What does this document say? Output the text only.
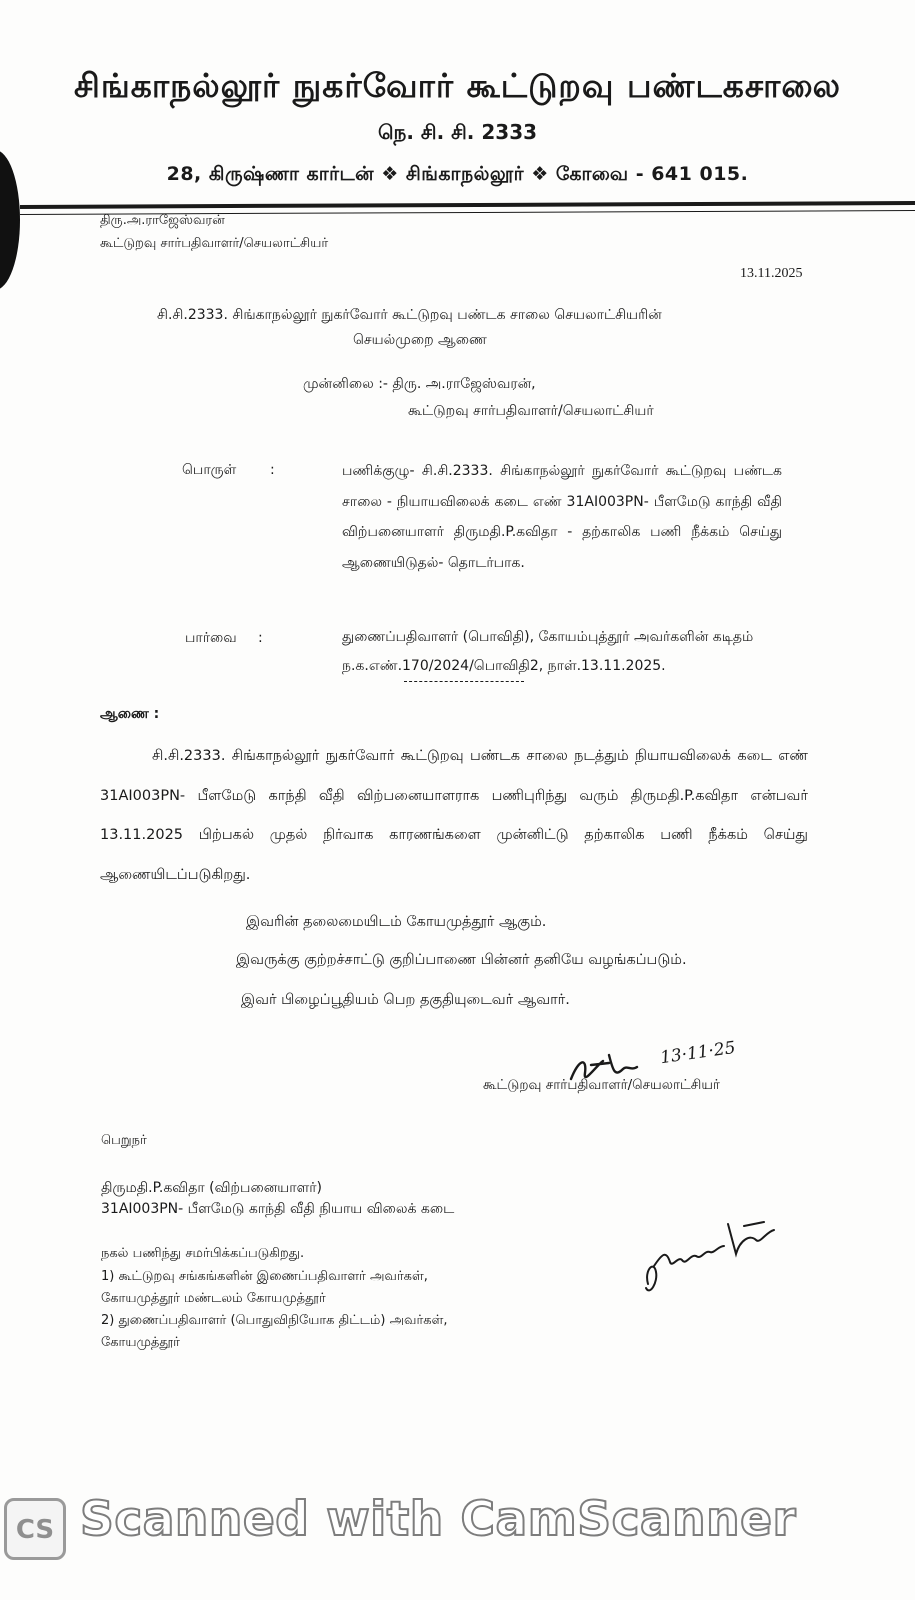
சிங்காநல்லூர் நுகர்வோர் கூட்டுறவு பண்டகசாலை
நெ. சி. சி. 2333
28, கிருஷ்ணா கார்டன் ❖ சிங்காநல்லூர் ❖ கோவை - 641 015.
திரு.அ.ராஜேஸ்வரன்
கூட்டுறவு சார்பதிவாளர்/செயலாட்சியர்
13.11.2025
சி.சி.2333. சிங்காநல்லூர் நுகர்வோர் கூட்டுறவு பண்டக சாலை செயலாட்சியரின்
செயல்முறை ஆணை
முன்னிலை :- திரு. அ.ராஜேஸ்வரன்,
கூட்டுறவு சார்பதிவாளர்/செயலாட்சியர்
பொருள் :	பணிக்குழு- சி.சி.2333. சிங்காநல்லூர் நுகர்வோர் கூட்டுறவு பண்டக சாலை - நியாயவிலைக் கடை எண் 31AI003PN- பீளமேடு காந்தி வீதி விற்பனையாளர் திருமதி.P.கவிதா - தற்காலிக பணி நீக்கம் செய்து ஆணையிடுதல்- தொடர்பாக.
பார்வை :	துணைப்பதிவாளர் (பொவிதி), கோயம்புத்தூர் அவர்களின் கடிதம் ந.க.எண்.170/2024/பொவிதி2, நாள்.13.11.2025.
ஆணை :
சி.சி.2333. சிங்காநல்லூர் நுகர்வோர் கூட்டுறவு பண்டக சாலை நடத்தும் நியாயவிலைக் கடை எண் 31AI003PN- பீளமேடு காந்தி வீதி விற்பனையாளராக பணிபுரிந்து வரும் திருமதி.P.கவிதா என்பவர் 13.11.2025 பிற்பகல் முதல் நிர்வாக காரணங்களை முன்னிட்டு தற்காலிக பணி நீக்கம் செய்து ஆணையிடப்படுகிறது.
இவரின் தலைமையிடம் கோயமுத்தூர் ஆகும்.
இவருக்கு குற்றச்சாட்டு குறிப்பாணை பின்னர் தனியே வழங்கப்படும்.
இவர் பிழைப்பூதியம் பெற தகுதியுடைவர் ஆவார்.
13·11·25
கூட்டுறவு சார்பதிவாளர்/செயலாட்சியர்
பெறுநர்
திருமதி.P.கவிதா (விற்பனையாளர்)
31AI003PN- பீளமேடு காந்தி வீதி நியாய விலைக் கடை
நகல் பணிந்து சமர்பிக்கப்படுகிறது.
1) கூட்டுறவு சங்கங்களின் இணைப்பதிவாளர் அவர்கள்,
கோயமுத்தூர் மண்டலம் கோயமுத்தூர்
2) துணைப்பதிவாளர் (பொதுவிநியோக திட்டம்) அவர்கள்,
கோயமுத்தூர்
CS Scanned with CamScanner
